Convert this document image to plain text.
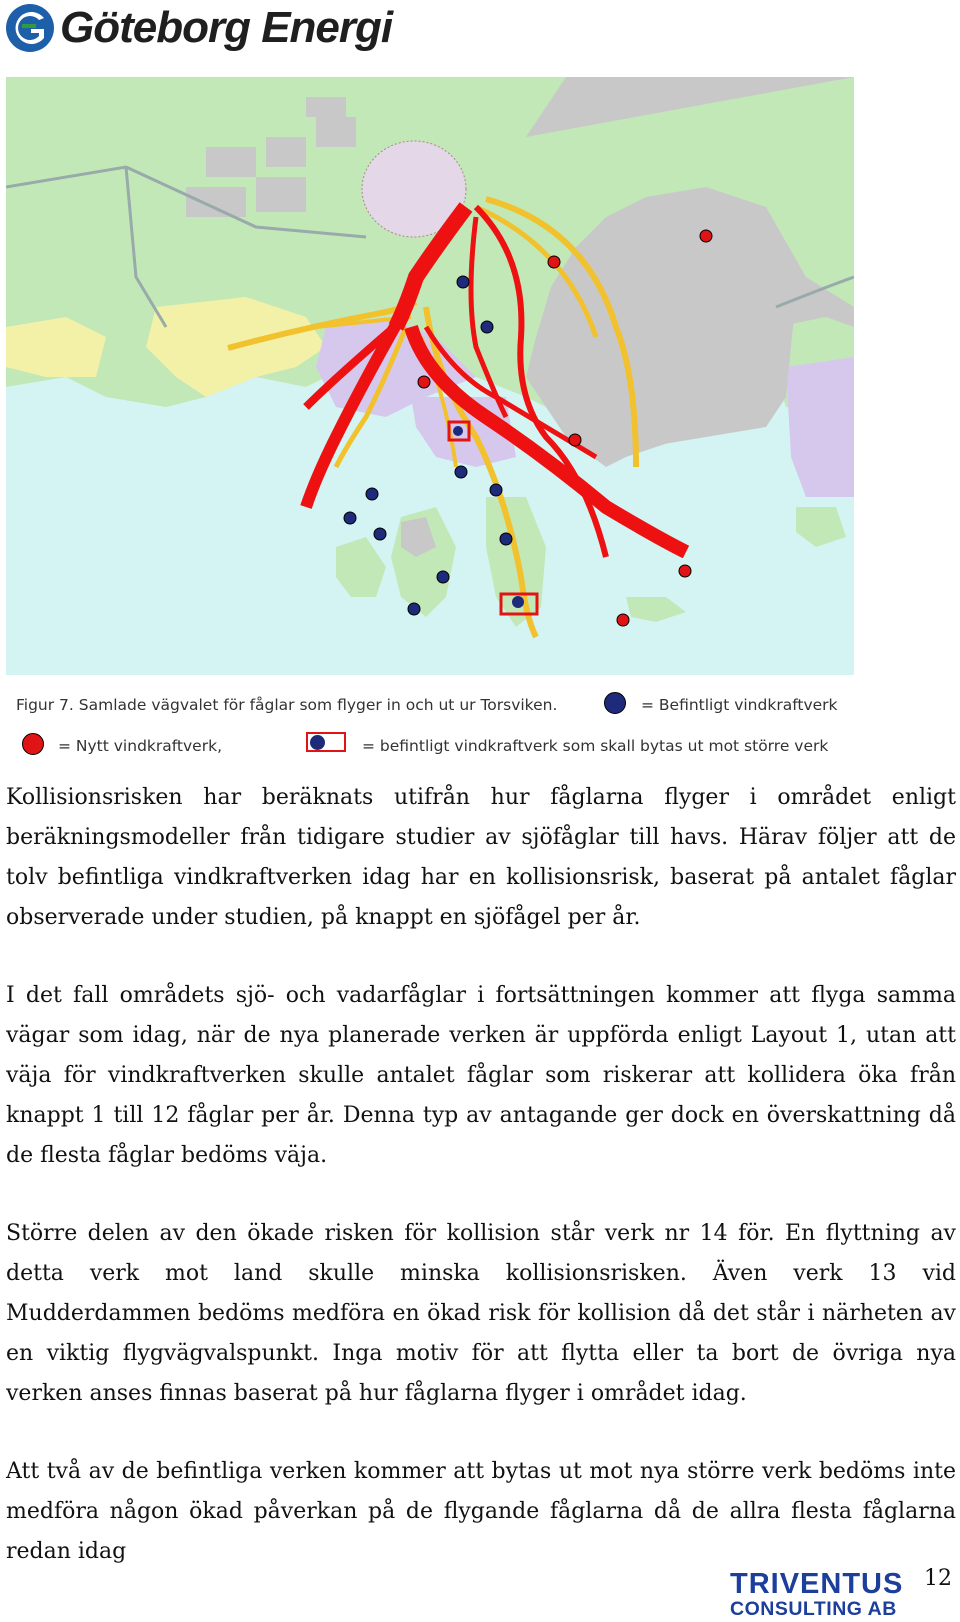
Göteborg Energi
Figur 7. Samlade vägvalet för fåglar som flyger in och ut ur Torsviken.	= Befintligt vindkraftverk
= Nytt vindkraftverk,	= befintligt vindkraftverk som skall bytas ut mot större verk

Kollisionsrisken har beräknats utifrån hur fåglarna flyger i området enligt beräkningsmodeller från tidigare studier av sjöfåglar till havs. Härav följer att de tolv befintliga vindkraftverken idag har en kollisionsrisk, baserat på antalet fåglar observerade under studien, på knappt en sjöfågel per år.

I det fall områdets sjö- och vadarfåglar i fortsättningen kommer att flyga samma vägar som idag, när de nya planerade verken är uppförda enligt Layout 1, utan att väja för vindkraftverken skulle antalet fåglar som riskerar att kollidera öka från knappt 1 till 12 fåglar per år. Denna typ av antagande ger dock en överskattning då de flesta fåglar bedöms väja.

Större delen av den ökade risken för kollision står verk nr 14 för. En flyttning av detta verk mot land skulle minska kollisionsrisken. Även verk 13 vid Mudderdammen bedöms medföra en ökad risk för kollision då det står i närheten av en viktig flygvägvalspunkt. Inga motiv för att flytta eller ta bort de övriga nya verken anses finnas baserat på hur fåglarna flyger i området idag.

Att två av de befintliga verken kommer att bytas ut mot nya större verk bedöms inte medföra någon ökad påverkan på de flygande fåglarna då de allra flesta fåglarna redan idag

TRIVENTUS
CONSULTING AB
12
